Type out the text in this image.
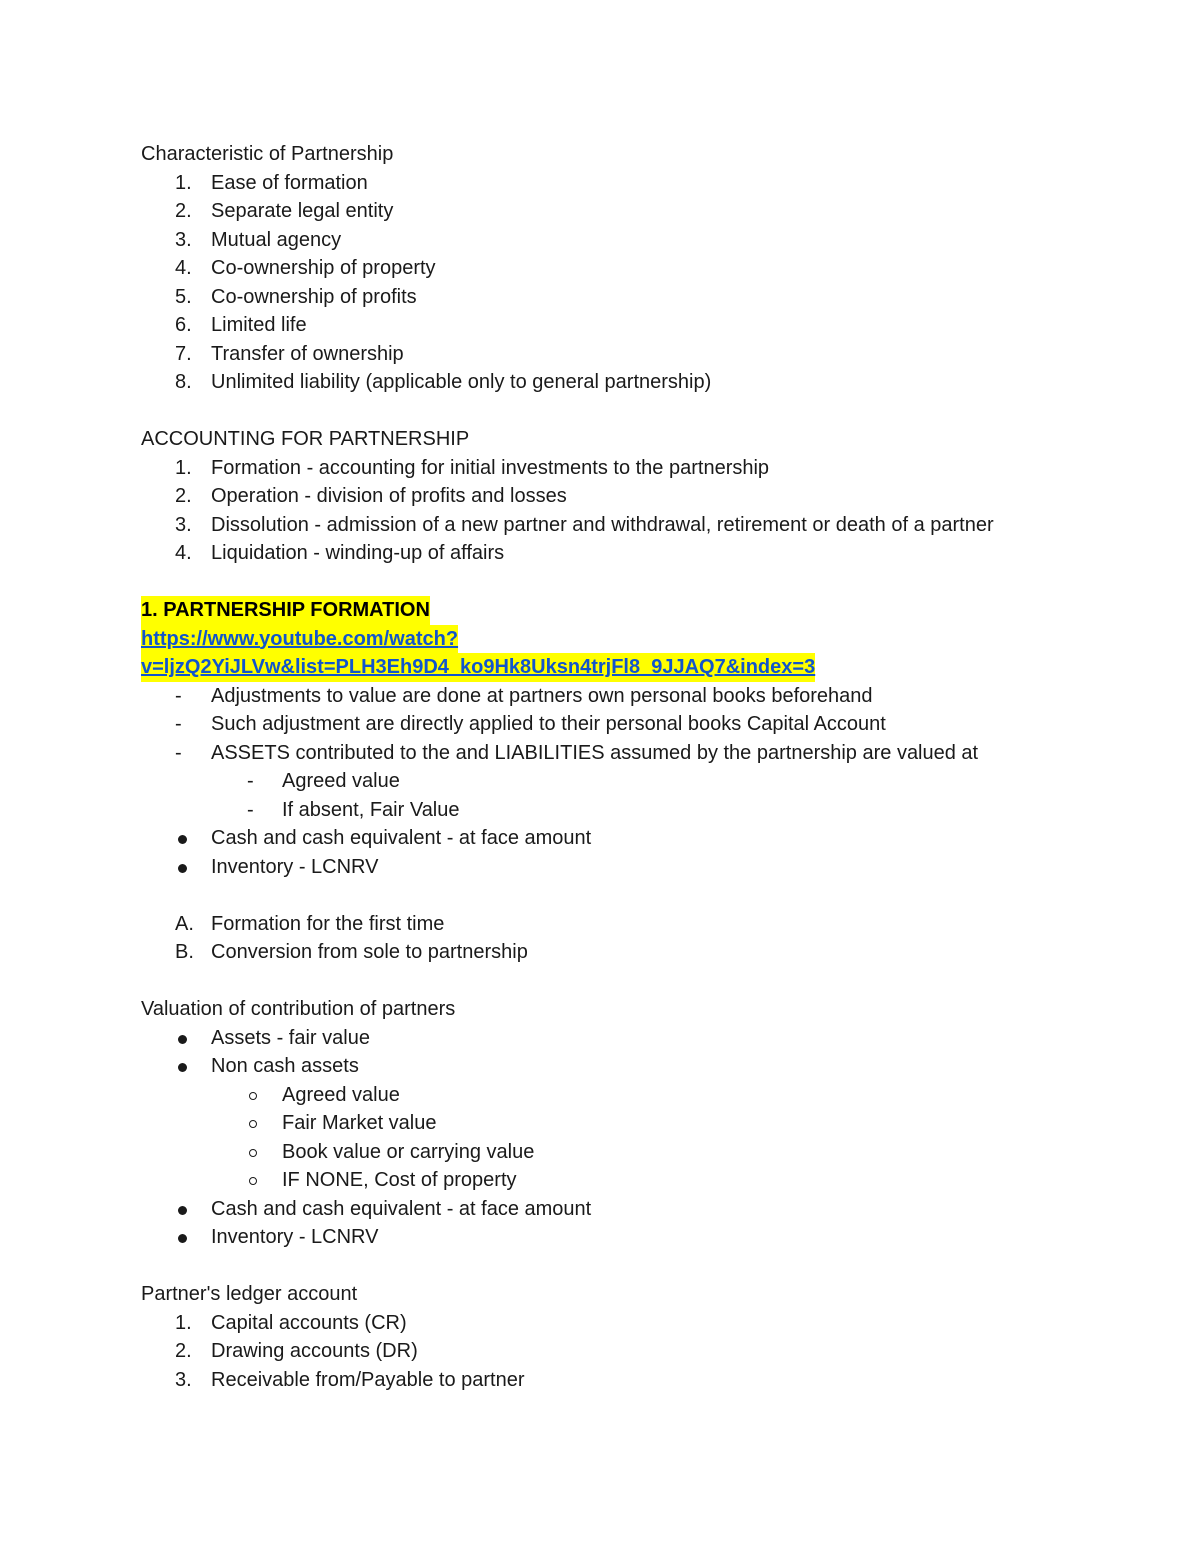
Characteristic of Partnership
1. Ease of formation
2. Separate legal entity
3. Mutual agency
4. Co-ownership of property
5. Co-ownership of profits
6. Limited life
7. Transfer of ownership
8. Unlimited liability (applicable only to general partnership)
ACCOUNTING FOR PARTNERSHIP
1. Formation - accounting for initial investments to the partnership
2. Operation - division of profits and losses
3. Dissolution - admission of a new partner and withdrawal, retirement or death of a partner
4. Liquidation - winding-up of affairs
1. PARTNERSHIP FORMATION
https://www.youtube.com/watch?
v=ljzQ2YiJLVw&list=PLH3Eh9D4_ko9Hk8Uksn4trjFl8_9JJAQ7&index=3
- Adjustments to value are done at partners own personal books beforehand
- Such adjustment are directly applied to their personal books Capital Account
- ASSETS contributed to the and LIABILITIES assumed by the partnership are valued at
- Agreed value
- If absent, Fair Value
Cash and cash equivalent - at face amount
Inventory - LCNRV
A. Formation for the first time
B. Conversion from sole to partnership
Valuation of contribution of partners
Assets - fair value
Non cash assets
Agreed value
Fair Market value
Book value or carrying value
IF NONE, Cost of property
Cash and cash equivalent - at face amount
Inventory - LCNRV
Partner's ledger account
1. Capital accounts (CR)
2. Drawing accounts (DR)
3. Receivable from/Payable to partner
